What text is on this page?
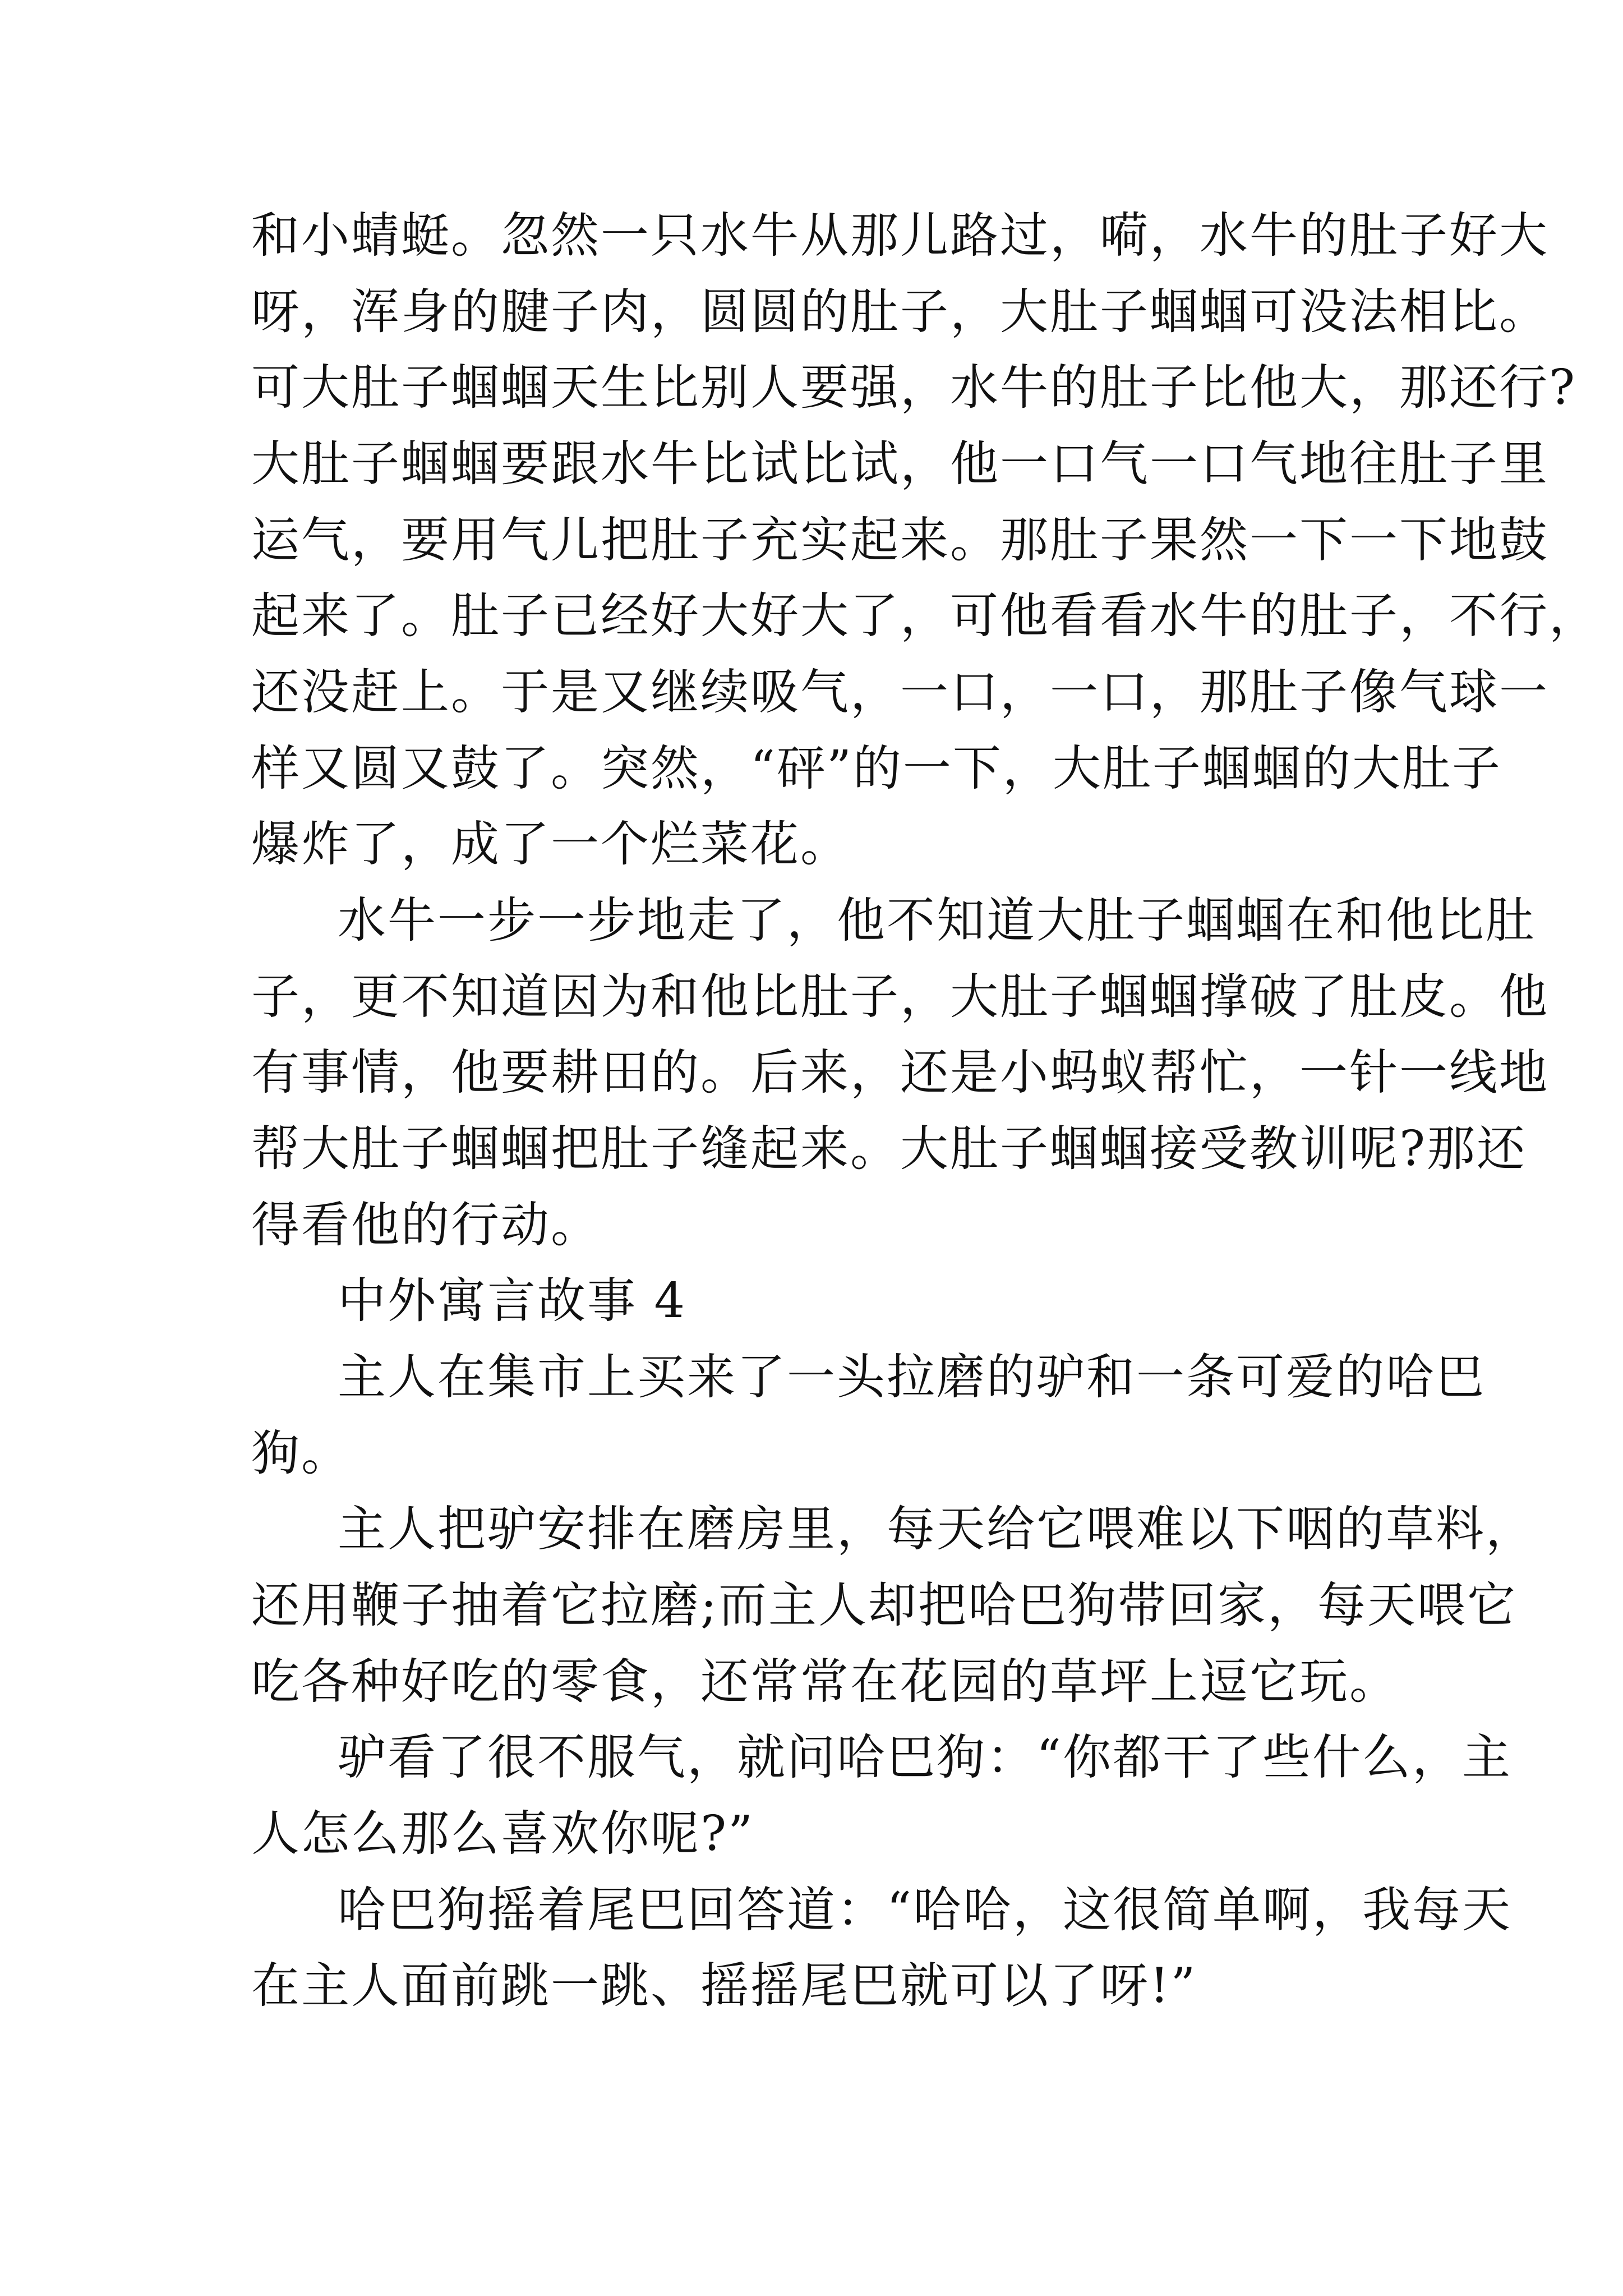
和小蜻蜓。忽然一只水牛从那儿路过，嗬，水牛的肚子好大
呀，浑身的腱子肉，圆圆的肚子，大肚子蝈蝈可没法相比。
可大肚子蝈蝈天生比别人要强，水牛的肚子比他大，那还行?
大肚子蝈蝈要跟水牛比试比试，他一口气一口气地往肚子里
运气，要用气儿把肚子充实起来。那肚子果然一下一下地鼓
起来了。肚子已经好大好大了，可他看看水牛的肚子，不行，
还没赶上。于是又继续吸气，一口，一口，那肚子像气球一
样又圆又鼓了。突然，“砰”的一下，大肚子蝈蝈的大肚子
爆炸了，成了一个烂菜花。
水牛一步一步地走了，他不知道大肚子蝈蝈在和他比肚
子，更不知道因为和他比肚子，大肚子蝈蝈撑破了肚皮。他
有事情，他要耕田的。后来，还是小蚂蚁帮忙，一针一线地
帮大肚子蝈蝈把肚子缝起来。大肚子蝈蝈接受教训呢?那还
得看他的行动。
中外寓言故事 4
主人在集市上买来了一头拉磨的驴和一条可爱的哈巴
狗。
主人把驴安排在磨房里，每天给它喂难以下咽的草料，
还用鞭子抽着它拉磨;而主人却把哈巴狗带回家，每天喂它
吃各种好吃的零食，还常常在花园的草坪上逗它玩。
驴看了很不服气，就问哈巴狗：“你都干了些什么，主
人怎么那么喜欢你呢?”
哈巴狗摇着尾巴回答道：“哈哈，这很简单啊，我每天
在主人面前跳一跳、摇摇尾巴就可以了呀!”
